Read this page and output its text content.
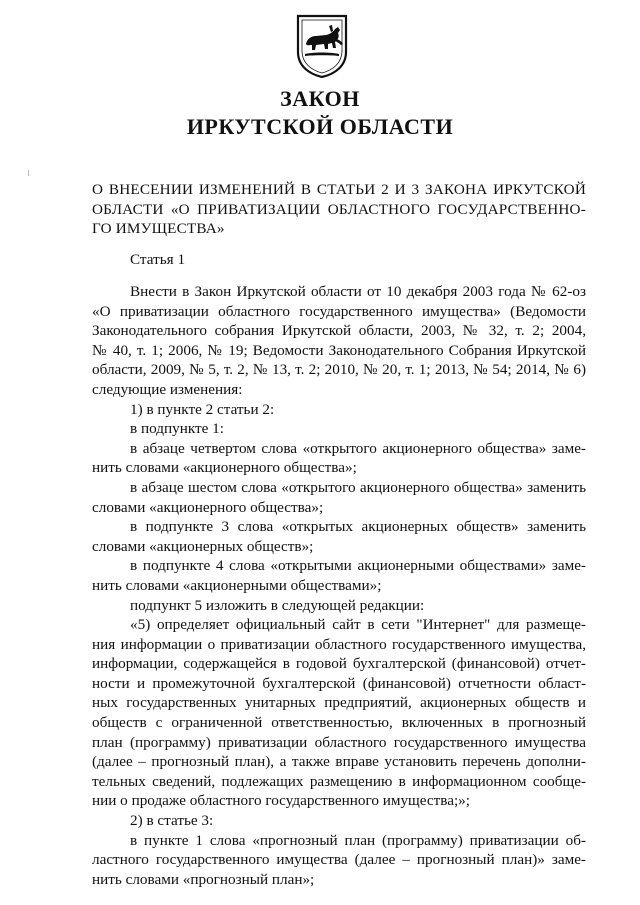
ЗАКОН
ИРКУТСКОЙ ОБЛАСТИ
О ВНЕСЕНИИ ИЗМЕНЕНИЙ В СТАТЬИ 2 И 3 ЗАКОНА ИРКУТСКОЙ
ОБЛАСТИ «О ПРИВАТИЗАЦИИ ОБЛАСТНОГО ГОСУДАРСТВЕННО-
ГО ИМУЩЕСТВА»
Статья 1
Внести в Закон Иркутской области от 10 декабря 2003 года № 62-оз
«О приватизации областного государственного имущества» (Ведомости
Законодательного собрания Иркутской области, 2003, № 32, т. 2; 2004,
№ 40, т. 1; 2006, № 19; Ведомости Законодательного Собрания Иркутской
области, 2009, № 5, т. 2, № 13, т. 2; 2010, № 20, т. 1; 2013, № 54; 2014, № 6)
следующие изменения:
1) в пункте 2 статьи 2:
в подпункте 1:
в абзаце четвертом слова «открытого акционерного общества» заме-
нить словами «акционерного общества»;
в абзаце шестом слова «открытого акционерного общества» заменить
словами «акционерного общества»;
в подпункте 3 слова «открытых акционерных обществ» заменить
словами «акционерных обществ»;
в подпункте 4 слова «открытыми акционерными обществами» заме-
нить словами «акционерными обществами»;
подпункт 5 изложить в следующей редакции:
«5) определяет официальный сайт в сети "Интернет" для размеще-
ния информации о приватизации областного государственного имущества,
информации, содержащейся в годовой бухгалтерской (финансовой) отчет-
ности и промежуточной бухгалтерской (финансовой) отчетности област-
ных государственных унитарных предприятий, акционерных обществ и
обществ с ограниченной ответственностью, включенных в прогнозный
план (программу) приватизации областного государственного имущества
(далее – прогнозный план), а также вправе установить перечень дополни-
тельных сведений, подлежащих размещению в информационном сообще-
нии о продаже областного государственного имущества;»;
2) в статье 3:
в пункте 1 слова «прогнозный план (программу) приватизации об-
ластного государственного имущества (далее – прогнозный план)» заме-
нить словами «прогнозный план»;
